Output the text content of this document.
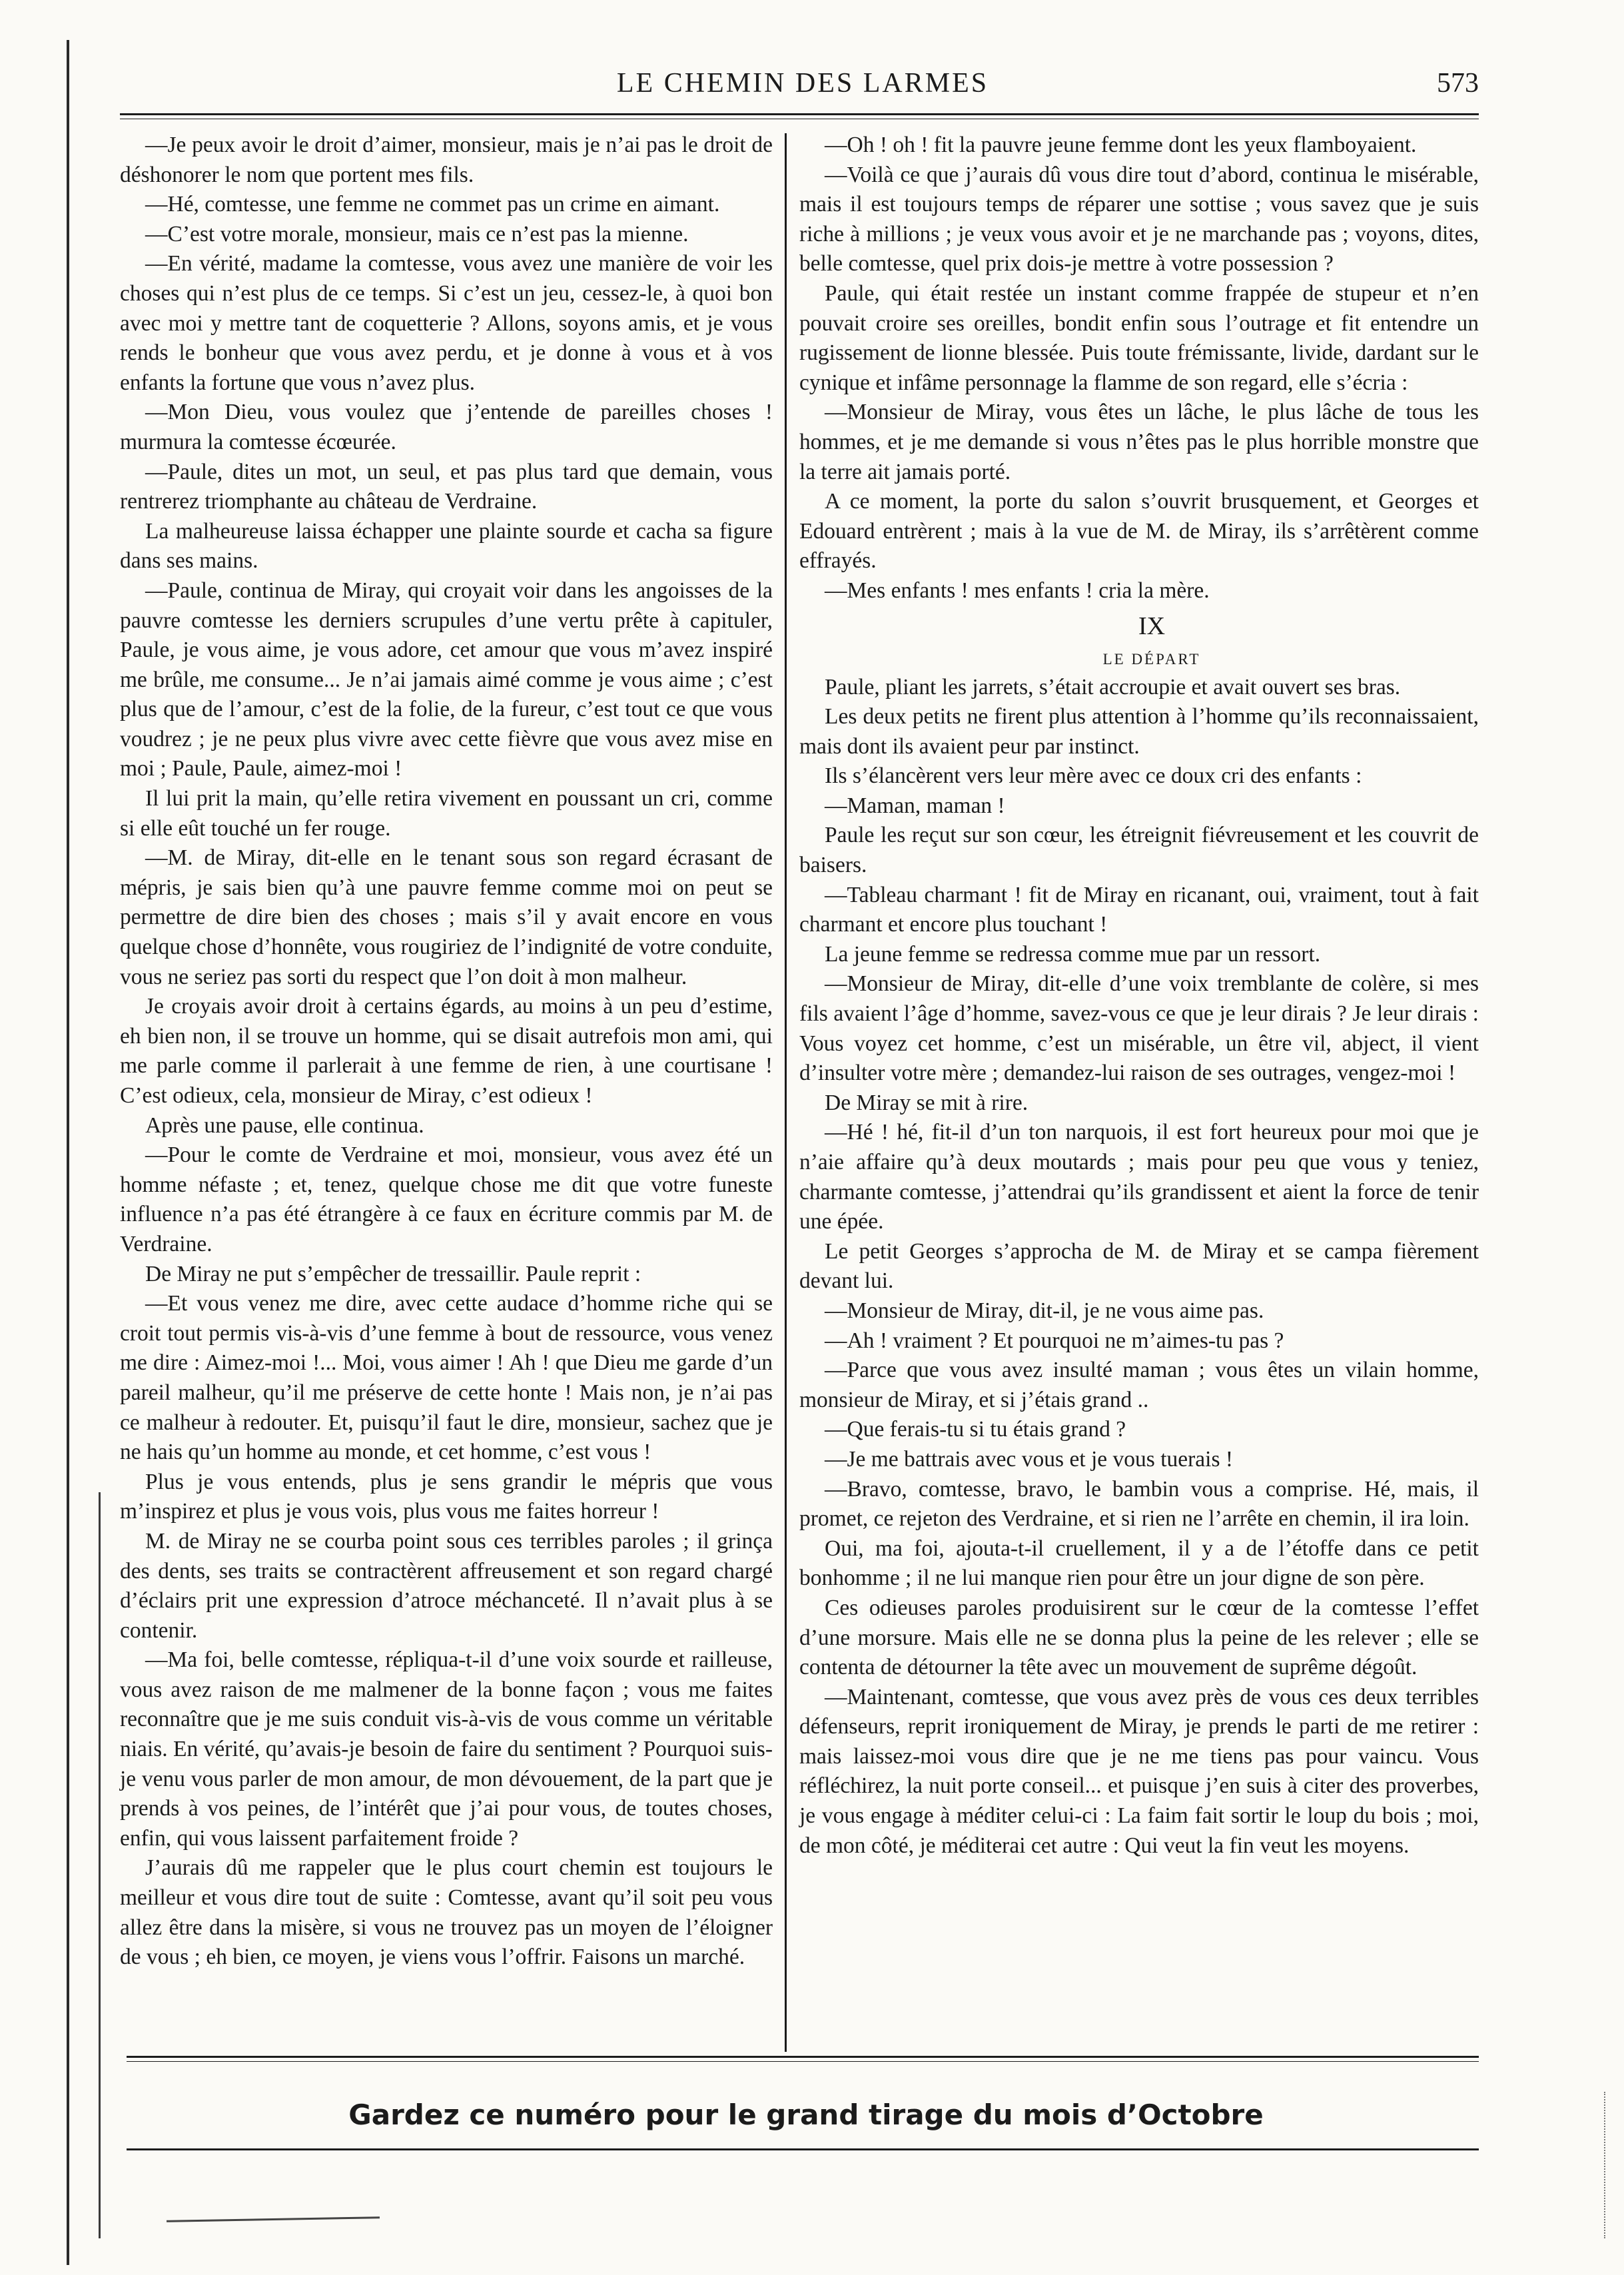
LE CHEMIN DES LARMES	573

—Je peux avoir le droit d’aimer, monsieur, mais je n’ai pas le droit de déshonorer le nom que portent mes fils.

—Hé, comtesse, une femme ne commet pas un crime en aimant.

—C’est votre morale, monsieur, mais ce n’est pas la mienne.

—En vérité, madame la comtesse, vous avez une manière de voir les choses qui n’est plus de ce temps. Si c’est un jeu, cessez-le, à quoi bon avec moi y mettre tant de coquetterie ? Allons, soyons amis, et je vous rends le bonheur que vous avez perdu, et je donne à vous et à vos enfants la fortune que vous n’avez plus.

—Mon Dieu, vous voulez que j’entende de pareilles choses ! murmura la comtesse écœurée.

—Paule, dites un mot, un seul, et pas plus tard que demain, vous rentrerez triomphante au château de Verdraine.

La malheureuse laissa échapper une plainte sourde et cacha sa figure dans ses mains.

—Paule, continua de Miray, qui croyait voir dans les angoisses de la pauvre comtesse les derniers scrupules d’une vertu prête à capituler, Paule, je vous aime, je vous adore, cet amour que vous m’avez inspiré me brûle, me consume... Je n’ai jamais aimé comme je vous aime ; c’est plus que de l’amour, c’est de la folie, de la fureur, c’est tout ce que vous voudrez ; je ne peux plus vivre avec cette fièvre que vous avez mise en moi ; Paule, Paule, aimez-moi !

Il lui prit la main, qu’elle retira vivement en poussant un cri, comme si elle eût touché un fer rouge.

—M. de Miray, dit-elle en le tenant sous son regard écrasant de mépris, je sais bien qu’à une pauvre femme comme moi on peut se permettre de dire bien des choses ; mais s’il y avait encore en vous quelque chose d’honnête, vous rougiriez de l’indignité de votre conduite, vous ne seriez pas sorti du respect que l’on doit à mon malheur.

Je croyais avoir droit à certains égards, au moins à un peu d’estime, eh bien non, il se trouve un homme, qui se disait autrefois mon ami, qui me parle comme il parlerait à une femme de rien, à une courtisane ! C’est odieux, cela, monsieur de Miray, c’est odieux !

Après une pause, elle continua.

—Pour le comte de Verdraine et moi, monsieur, vous avez été un homme néfaste ; et, tenez, quelque chose me dit que votre funeste influence n’a pas été étrangère à ce faux en écriture commis par M. de Verdraine.

De Miray ne put s’empêcher de tressaillir. Paule reprit :

—Et vous venez me dire, avec cette audace d’homme riche qui se croit tout permis vis-à-vis d’une femme à bout de ressource, vous venez me dire : Aimez-moi !... Moi, vous aimer ! Ah ! que Dieu me garde d’un pareil malheur, qu’il me préserve de cette honte ! Mais non, je n’ai pas ce malheur à redouter. Et, puisqu’il faut le dire, monsieur, sachez que je ne hais qu’un homme au monde, et cet homme, c’est vous !

Plus je vous entends, plus je sens grandir le mépris que vous m’inspirez et plus je vous vois, plus vous me faites horreur !

M. de Miray ne se courba point sous ces terribles paroles ; il grinça des dents, ses traits se contractèrent affreusement et son regard chargé d’éclairs prit une expression d’atroce méchanceté. Il n’avait plus à se contenir.

—Ma foi, belle comtesse, répliqua-t-il d’une voix sourde et railleuse, vous avez raison de me malmener de la bonne façon ; vous me faites reconnaître que je me suis conduit vis-à-vis de vous comme un véritable niais. En vérité, qu’avais-je besoin de faire du sentiment ? Pourquoi suis-je venu vous parler de mon amour, de mon dévouement, de la part que je prends à vos peines, de l’intérêt que j’ai pour vous, de toutes choses, enfin, qui vous laissent parfaitement froide ?

J’aurais dû me rappeler que le plus court chemin est toujours le meilleur et vous dire tout de suite : Comtesse, avant qu’il soit peu vous allez être dans la misère, si vous ne trouvez pas un moyen de l’éloigner de vous ; eh bien, ce moyen, je viens vous l’offrir. Faisons un marché.

—Oh ! oh ! fit la pauvre jeune femme dont les yeux flamboyaient.

—Voilà ce que j’aurais dû vous dire tout d’abord, continua le misérable, mais il est toujours temps de réparer une sottise ; vous savez que je suis riche à millions ; je veux vous avoir et je ne marchande pas ; voyons, dites, belle comtesse, quel prix dois-je mettre à votre possession ?

Paule, qui était restée un instant comme frappée de stupeur et n’en pouvait croire ses oreilles, bondit enfin sous l’outrage et fit entendre un rugissement de lionne blessée. Puis toute frémissante, livide, dardant sur le cynique et infâme personnage la flamme de son regard, elle s’écria :

—Monsieur de Miray, vous êtes un lâche, le plus lâche de tous les hommes, et je me demande si vous n’êtes pas le plus horrible monstre que la terre ait jamais porté.

A ce moment, la porte du salon s’ouvrit brusquement, et Georges et Edouard entrèrent ; mais à la vue de M. de Miray, ils s’arrêtèrent comme effrayés.

—Mes enfants ! mes enfants ! cria la mère.

IX

LE DÉPART

Paule, pliant les jarrets, s’était accroupie et avait ouvert ses bras.

Les deux petits ne firent plus attention à l’homme qu’ils reconnaissaient, mais dont ils avaient peur par instinct.

Ils s’élancèrent vers leur mère avec ce doux cri des enfants :

—Maman, maman !

Paule les reçut sur son cœur, les étreignit fiévreusement et les couvrit de baisers.

—Tableau charmant ! fit de Miray en ricanant, oui, vraiment, tout à fait charmant et encore plus touchant !

La jeune femme se redressa comme mue par un ressort.

—Monsieur de Miray, dit-elle d’une voix tremblante de colère, si mes fils avaient l’âge d’homme, savez-vous ce que je leur dirais ? Je leur dirais : Vous voyez cet homme, c’est un misérable, un être vil, abject, il vient d’insulter votre mère ; demandez-lui raison de ses outrages, vengez-moi !

De Miray se mit à rire.

—Hé ! hé, fit-il d’un ton narquois, il est fort heureux pour moi que je n’aie affaire qu’à deux moutards ; mais pour peu que vous y teniez, charmante comtesse, j’attendrai qu’ils grandissent et aient la force de tenir une épée.

Le petit Georges s’approcha de M. de Miray et se campa fièrement devant lui.

—Monsieur de Miray, dit-il, je ne vous aime pas.

—Ah ! vraiment ? Et pourquoi ne m’aimes-tu pas ?

—Parce que vous avez insulté maman ; vous êtes un vilain homme, monsieur de Miray, et si j’étais grand ..

—Que ferais-tu si tu étais grand ?

—Je me battrais avec vous et je vous tuerais !

—Bravo, comtesse, bravo, le bambin vous a comprise. Hé, mais, il promet, ce rejeton des Verdraine, et si rien ne l’arrête en chemin, il ira loin.

Oui, ma foi, ajouta-t-il cruellement, il y a de l’étoffe dans ce petit bonhomme ; il ne lui manque rien pour être un jour digne de son père.

Ces odieuses paroles produisirent sur le cœur de la comtesse l’effet d’une morsure. Mais elle ne se donna plus la peine de les relever ; elle se contenta de détourner la tête avec un mouvement de suprême dégoût.

—Maintenant, comtesse, que vous avez près de vous ces deux terribles défenseurs, reprit ironiquement de Miray, je prends le parti de me retirer : mais laissez-moi vous dire que je ne me tiens pas pour vaincu. Vous réfléchirez, la nuit porte conseil... et puisque j’en suis à citer des proverbes, je vous engage à méditer celui-ci : La faim fait sortir le loup du bois ; moi, de mon côté, je méditerai cet autre : Qui veut la fin veut les moyens.

Gardez ce numéro pour le grand tirage du mois d’Octobre
